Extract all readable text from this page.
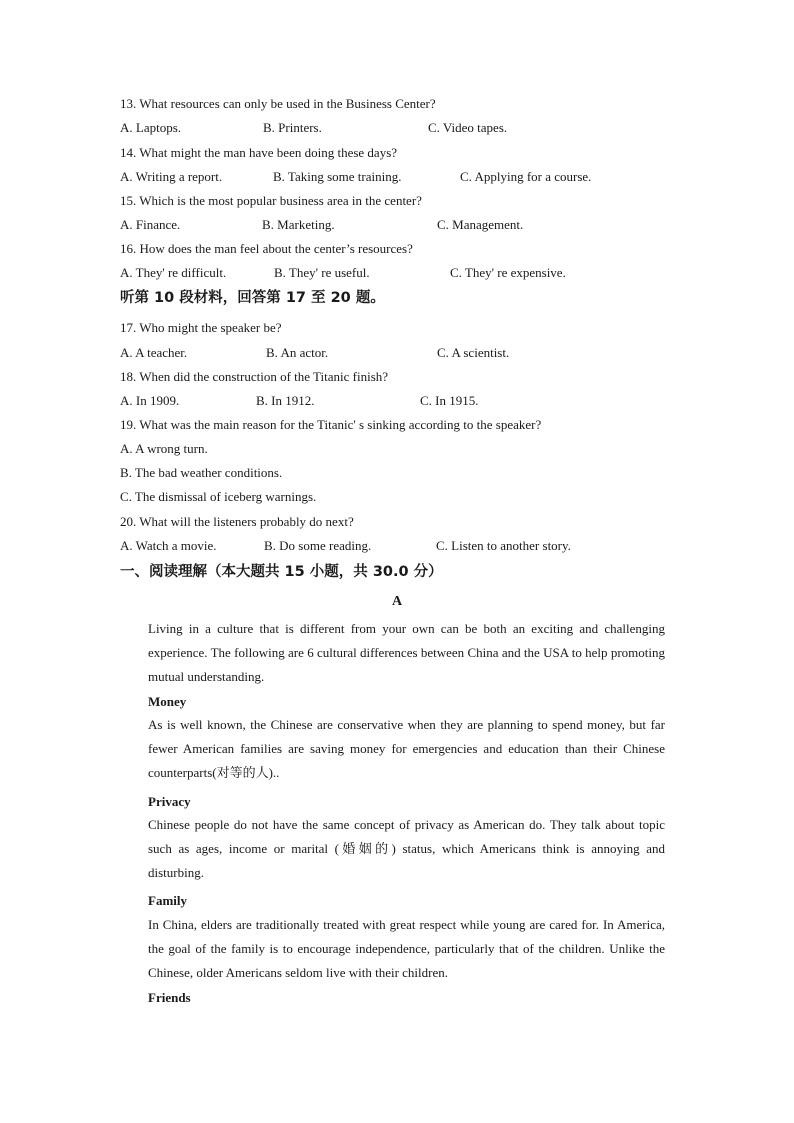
13. What resources can only be used in the Business Center?
A. Laptops.	B. Printers.	C. Video tapes.
14. What might the man have been doing these days?
A. Writing a report.	B. Taking some training.	C. Applying for a course.
15. Which is the most popular business area in the center?
A. Finance.	B. Marketing.	C. Management.
16. How does the man feel about the center’s resources?
A. They' re difficult.	B. They' re useful.	C. They' re expensive.
听第 10 段材料，回答第 17 至 20 题。
17. Who might the speaker be?
A. A teacher.	B. An actor.	C. A scientist.
18. When did the construction of the Titanic finish?
A. In 1909.	B. In 1912.	C. In 1915.
19. What was the main reason for the Titanic' s sinking according to the speaker?
A. A wrong turn.
B. The bad weather conditions.
C. The dismissal of iceberg warnings.
20. What will the listeners probably do next?
A. Watch a movie.	B. Do some reading.	C. Listen to another story.
一、阅读理解（本大题共 15 小题，共 30.0 分）
A
Living in a culture that is different from your own can be both an exciting and challenging experience. The following are 6 cultural differences between China and the USA to help promoting mutual understanding.
Money
As is well known, the Chinese are conservative when they are planning to spend money, but far fewer American families are saving money for emergencies and education than their Chinese counterparts(对等的人)..
Privacy
Chinese people do not have the same concept of privacy as American do. They talk about topic such as ages, income or marital (婚姻的) status, which Americans think is annoying and disturbing.
Family
In China, elders are traditionally treated with great respect while young are cared for. In America, the goal of the family is to encourage independence, particularly that of the children. Unlike the Chinese, older Americans seldom live with their children.
Friends
